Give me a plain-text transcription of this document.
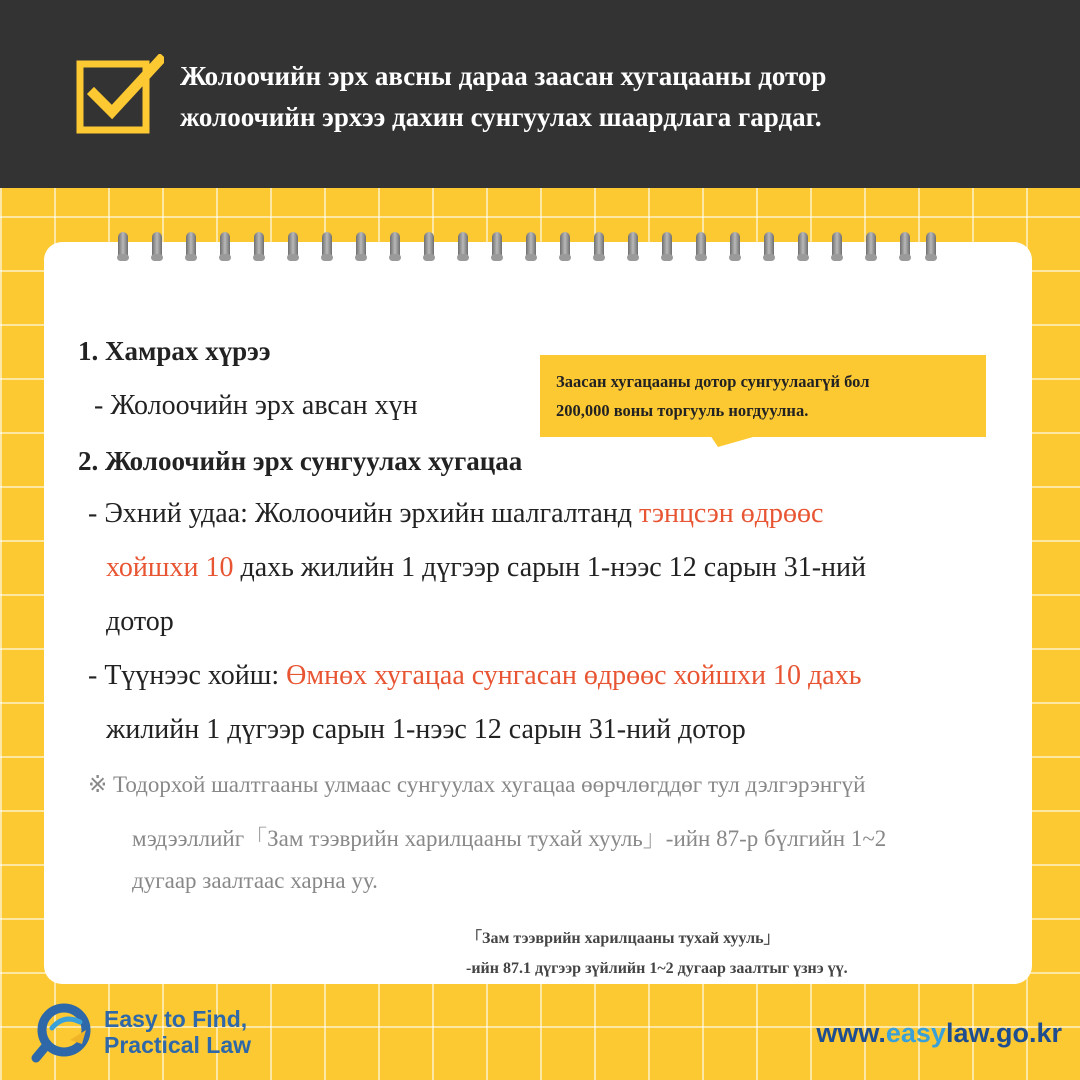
Жолоочийн эрх авсны дараа заасан хугацааны дотор
жолоочийн эрхээ дахин сунгуулах шаардлага гардаг.

1. Хамрах хүрээ

- Жолоочийн эрх авсан хүн

2. Жолоочийн эрх сунгуулах хугацаа

- Эхний удаа: Жолоочийн эрхийн шалгалтанд тэнцсэн өдрөөс

хойшхи 10 дахь жилийн 1 дүгээр сарын 1-нээс 12 сарын 31-ний

дотор

- Түүнээс хойш: Өмнөх хугацаа сунгасан өдрөөс хойшхи 10 дахь

жилийн 1 дүгээр сарын 1-нээс 12 сарын 31-ний дотор

※ Тодорхой шалтгааны улмаас сунгуулах хугацаа өөрчлөгддөг тул дэлгэрэнгүй

мэдээллийг「Зам тээврийн харилцааны тухай хууль」-ийн 87-р бүлгийн 1~2

дугаар заалтаас харна уу.

Заасан хугацааны дотор сунгуулаагүй бол
200,000 воны торгууль ногдуулна.

「Зам тээврийн харилцааны тухай хууль」
-ийн 87.1 дүгээр зүйлийн 1~2 дугаар заалтыг үзнэ үү.

Easy to Find,
Practical Law	www.easylaw.go.kr
